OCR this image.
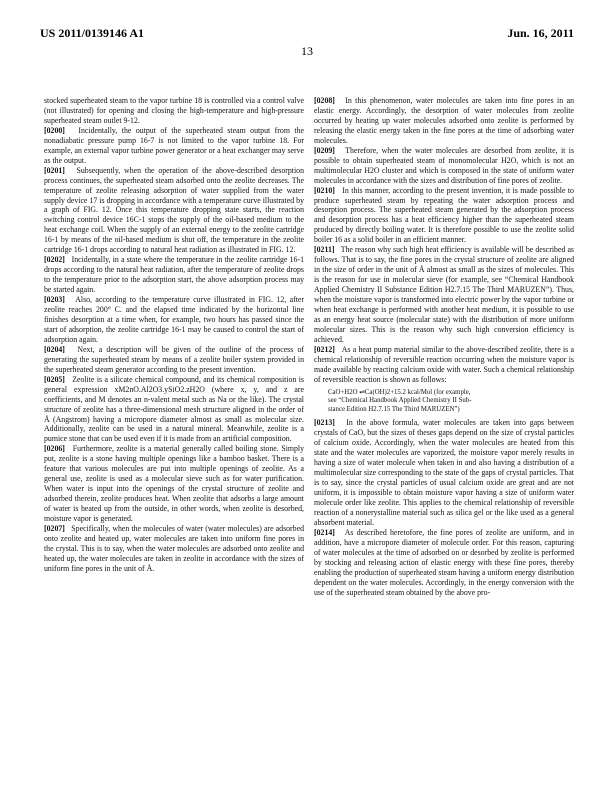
US 2011/0139146 A1	Jun. 16, 2011
13

stocked superheated steam to the vapor turbine 18 is controlled via a control valve (not illustrated) for opening and closing the high-temperature and high-pressure superheated steam outlet 9-12.

[0200] Incidentally, the output of the superheated steam output from the nonadiabatic pressure pump 16-7 is not limited to the vapor turbine 18. For example, an external vapor turbine power generator or a heat exchanger may serve as the output.

[0201] Subsequently, when the operation of the above-described desorption process continues, the superheated steam adsorbed onto the zeolite decreases. The temperature of zeolite releasing adsorption of water supplied from the water supply device 17 is dropping in accordance with a temperature curve illustrated by a graph of FIG. 12. Once this temperature dropping state starts, the reaction switching control device 16C-1 stops the supply of the oil-based medium to the heat exchange coil. When the supply of an external energy to the zeolite cartridge 16-1 by means of the oil-based medium is shut off, the temperature in the zeolite cartridge 16-1 drops according to natural heat radiation as illustrated in FIG. 12.

[0202] Incidentally, in a state where the temperature in the zeolite cartridge 16-1 drops according to the natural heat radiation, after the temperature of zeolite drops to the temperature prior to the adsorption start, the above adsorption process may be started again.

[0203] Also, according to the temperature curve illustrated in FIG. 12, after zeolite reaches 200° C. and the elapsed time indicated by the horizontal line finishes desorption at a time when, for example, two hours has passed since the start of adsorption, the zeolite cartridge 16-1 may be caused to control the start of adsorption again.

[0204] Next, a description will be given of the outline of the process of generating the superheated steam by means of a zeolite boiler system provided in the superheated steam generator according to the present invention.

[0205] Zeolite is a silicate chemical compound, and its chemical composition is general expression xM2nO.Al2O3.ySiO2.zH2O (where x, y, and z are coefficients, and M denotes an n-valent metal such as Na or the like). The crystal structure of zeolite has a three-dimensional mesh structure aligned in the order of Å (Angstrom) having a micropore diameter almost as small as molecular size. Additionally, zeolite can be used in a natural mineral. Meanwhile, zeolite is a pumice stone that can be used even if it is made from an artificial composition.

[0206] Furthermore, zeolite is a material generally called boiling stone. Simply put, zeolite is a stone having multiple openings like a bamboo basket. There is a feature that various molecules are put into multiple openings of zeolite. As a general use, zeolite is used as a molecular sieve such as for water purification. When water is input into the openings of the crystal structure of zeolite and adsorbed therein, zeolite produces heat. When zeolite that adsorbs a large amount of water is heated up from the outside, in other words, when zeolite is desorbed, moisture vapor is generated.

[0207] Specifically, when the molecules of water (water molecules) are adsorbed onto zeolite and heated up, water molecules are taken into uniform fine pores in the crystal. This is to say, when the water molecules are adsorbed onto zeolite and heated up, the water molecules are taken in zeolite in accordance with the sizes of uniform fine pores in the unit of Å.

[0208] In this phenomenon, water molecules are taken into fine pores in an elastic energy. Accordingly, the desorption of water molecules from zeolite occurred by heating up water molecules adsorbed onto zeolite is performed by releasing the elastic energy taken in the fine pores at the time of adsorbing water molecules.

[0209] Therefore, when the water molecules are desorbed from zeolite, it is possible to obtain superheated steam of monomolecular H2O, which is not an multimolecular H2O cluster and which is composed in the state of uniform water molecules in accordance with the sizes and distribution of fine pores of zeolite.

[0210] In this manner, according to the present invention, it is made possible to produce superheated steam by repeating the water adsorption process and desorption process. The superheated steam generated by the adsorption process and desorption process has a heat efficiency higher than the superheated steam produced by directly boiling water. It is therefore possible to use the zeolite solid boiler 16 as a solid boiler in an efficient manner.

[0211] The reason why such high heat efficiency is available will be described as follows. That is to say, the fine pores in the crystal structure of zeolite are aligned in the size of order in the unit of Å almost as small as the sizes of molecules. This is the reason for use in molecular sieve (for example, see “Chemical Handbook Applied Chemistry II Substance Edition H2.7.15 The Third MARUZEN”). Thus, when the moisture vapor is transformed into electric power by the vapor turbine or when heat exchange is performed with another heat medium, it is possible to use as an energy heat source (molecular state) with the distribution of more uniform molecular sizes. This is the reason why such high conversion efficiency is achieved.

[0212] As a heat pump material similar to the above-described zeolite, there is a chemical relationship of reversible reaction occurring when the moisture vapor is made available by reacting calcium oxide with water. Such a chemical relationship of reversible reaction is shown as follows:

CaO+H2O ⇌Ca(OH)2+15.2 kcal/Mol (for example,
see “Chemical Handbook Applied Chemistry II Sub-
stance Edition H2.7.15 The Third MARUZEN”)

[0213] In the above formula, water molecules are taken into gaps between crystals of CaO, but the sizes of theses gaps depend on the size of crystal particles of calcium oxide. Accordingly, when the water molecules are heated from this state and the water molecules are vaporized, the moisture vapor merely results in having a size of water molecule when taken in and also having a distribution of a multimolecular size corresponding to the state of the gaps of crystal particles. That is to say, since the crystal particles of usual calcium oxide are great and are not uniform, it is impossible to obtain moisture vapor having a size of uniform water molecule order like zeolite. This applies to the chemical relationship of reversible reaction of a nonerystalline material such as silica gel or the like used as a general absorbent material.

[0214] As described heretofore, the fine pores of zeolite are uniform, and in addition, have a micropore diameter of molecule order. For this reason, capturing of water molecules at the time of adsorbed on or desorbed by zeolite is performed by stocking and releasing action of elastic energy with these fine pores, thereby enabling the production of superheated steam having a uniform energy distribution dependent on the water molecules. Accordingly, in the energy conversion with the use of the superheated steam obtained by the above pro-
